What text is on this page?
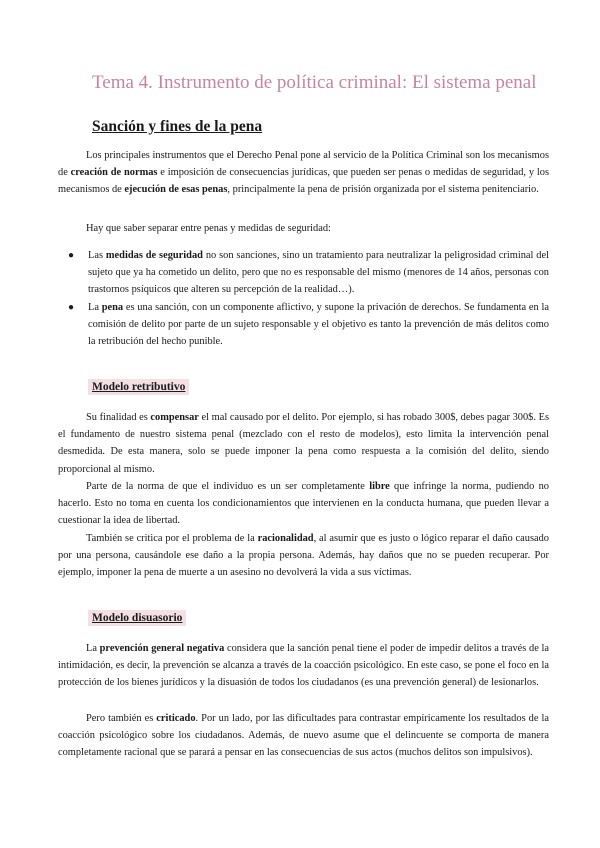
Tema 4. Instrumento de política criminal: El sistema penal
Sanción y fines de la pena

Los principales instrumentos que el Derecho Penal pone al servicio de la Política Criminal son los mecanismos de creación de normas e imposición de consecuencias jurídicas, que pueden ser penas o medidas de seguridad, y los mecanismos de ejecución de esas penas, principalmente la pena de prisión organizada por el sistema penitenciario.

Hay que saber separar entre penas y medidas de seguridad:

● Las medidas de seguridad no son sanciones, sino un tratamiento para neutralizar la peligrosidad criminal del sujeto que ya ha cometido un delito, pero que no es responsable del mismo (menores de 14 años, personas con trastornos psíquicos que alteren su percepción de la realidad…).

● La pena es una sanción, con un componente aflictivo, y supone la privación de derechos. Se fundamenta en la comisión de delito por parte de un sujeto responsable y el objetivo es tanto la prevención de más delitos como la retribución del hecho punible.

Modelo retributivo

Su finalidad es compensar el mal causado por el delito. Por ejemplo, si has robado 300$, debes pagar 300$. Es el fundamento de nuestro sistema penal (mezclado con el resto de modelos), esto limita la intervención penal desmedida. De esta manera, solo se puede imponer la pena como respuesta a la comisión del delito, siendo proporcional al mismo.

Parte de la norma de que el individuo es un ser completamente libre que infringe la norma, pudiendo no hacerlo. Esto no toma en cuenta los condicionamientos que intervienen en la conducta humana, que pueden llevar a cuestionar la idea de libertad.

También se critica por el problema de la racionalidad, al asumir que es justo o lógico reparar el daño causado por una persona, causándole ese daño a la propia persona. Además, hay daños que no se pueden recuperar. Por ejemplo, imponer la pena de muerte a un asesino no devolverá la vida a sus víctimas.

Modelo disuasorio

La prevención general negativa considera que la sanción penal tiene el poder de impedir delitos a través de la intimidación, es decir, la prevención se alcanza a través de la coacción psicológico. En este caso, se pone el foco en la protección de los bienes jurídicos y la disuasión de todos los ciudadanos (es una prevención general) de lesionarlos.

Pero también es criticado. Por un lado, por las dificultades para contrastar empíricamente los resultados de la coacción psicológico sobre los ciudadanos. Además, de nuevo asume que el delincuente se comporta de manera completamente racional que se parará a pensar en las consecuencias de sus actos (muchos delitos son impulsivos).
